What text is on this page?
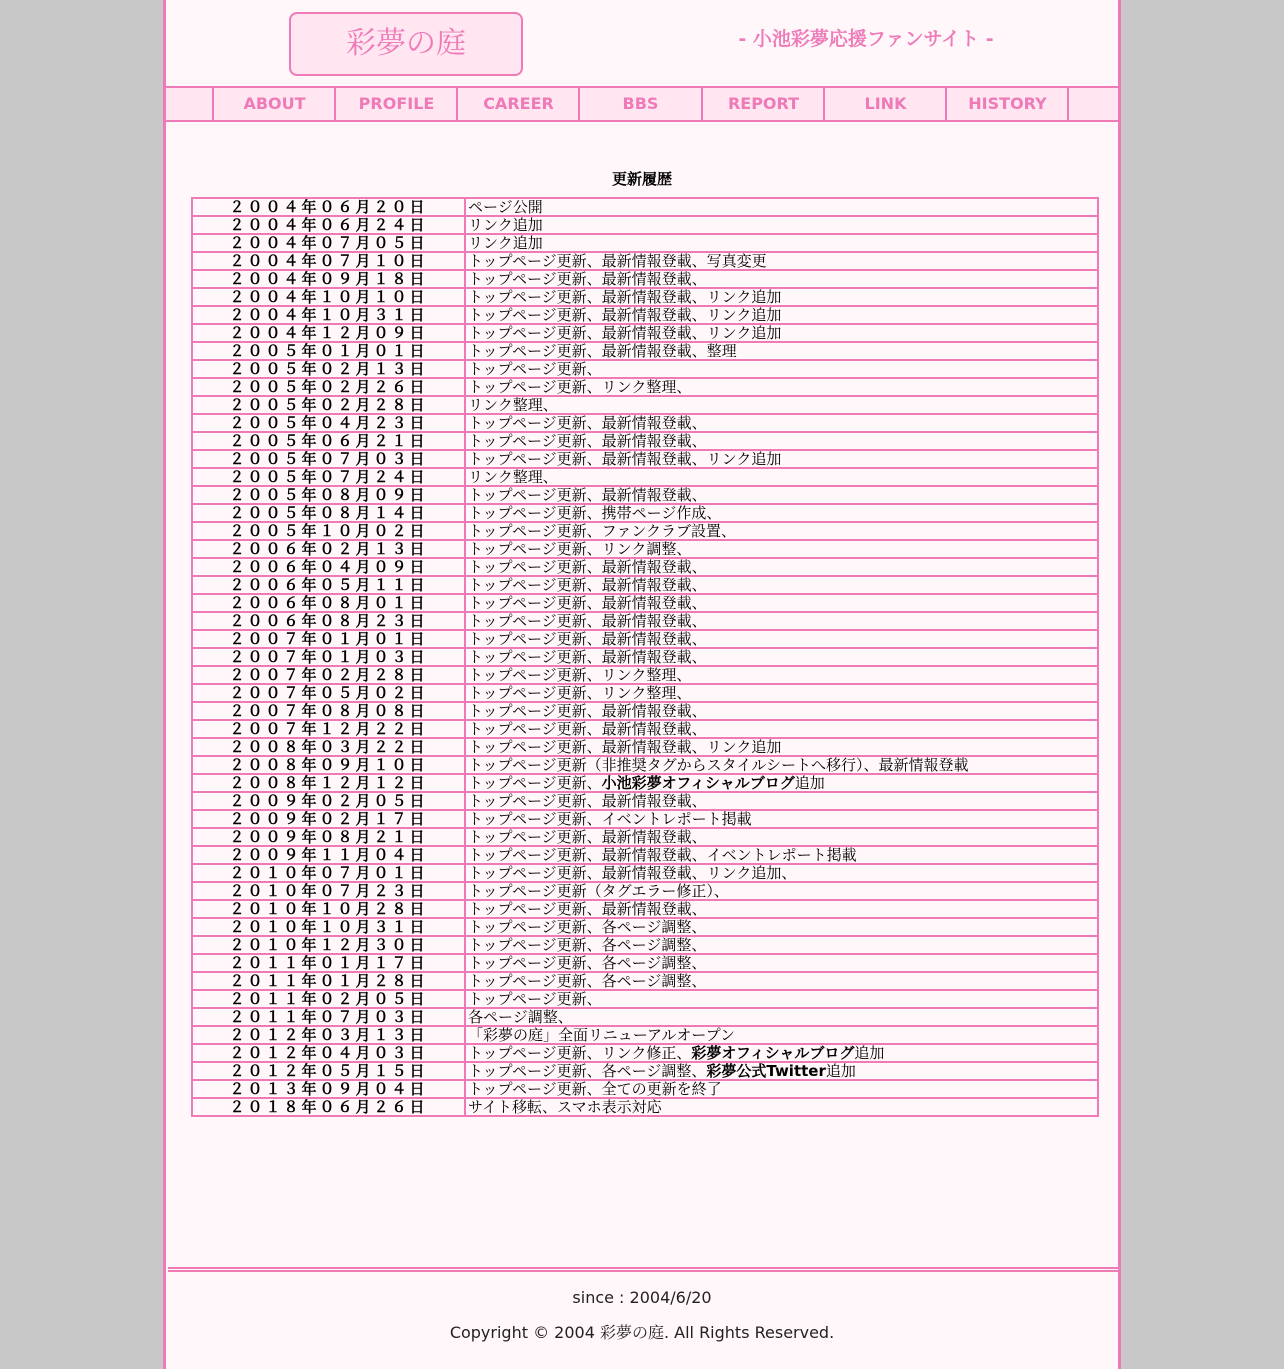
彩夢の庭	- 小池彩夢応援ファンサイト -
ABOUT	PROFILE	CAREER	BBS	REPORT	LINK	HISTORY
更新履歴
２００４年０６月２０日	ページ公開
２００４年０６月２４日	リンク追加
２００４年０７月０５日	リンク追加
２００４年０７月１０日	トップページ更新、最新情報登載、写真変更
２００４年０９月１８日	トップページ更新、最新情報登載、
２００４年１０月１０日	トップページ更新、最新情報登載、リンク追加
２００４年１０月３１日	トップページ更新、最新情報登載、リンク追加
２００４年１２月０９日	トップページ更新、最新情報登載、リンク追加
２００５年０１月０１日	トップページ更新、最新情報登載、整理
２００５年０２月１３日	トップページ更新、
２００５年０２月２６日	トップページ更新、リンク整理、
２００５年０２月２８日	リンク整理、
２００５年０４月２３日	トップページ更新、最新情報登載、
２００５年０６月２１日	トップページ更新、最新情報登載、
２００５年０７月０３日	トップページ更新、最新情報登載、リンク追加
２００５年０７月２４日	リンク整理、
２００５年０８月０９日	トップページ更新、最新情報登載、
２００５年０８月１４日	トップページ更新、携帯ページ作成、
２００５年１０月０２日	トップページ更新、ファンクラブ設置、
２００６年０２月１３日	トップページ更新、リンク調整、
２００６年０４月０９日	トップページ更新、最新情報登載、
２００６年０５月１１日	トップページ更新、最新情報登載、
２００６年０８月０１日	トップページ更新、最新情報登載、
２００６年０８月２３日	トップページ更新、最新情報登載、
２００７年０１月０１日	トップページ更新、最新情報登載、
２００７年０１月０３日	トップページ更新、最新情報登載、
２００７年０２月２８日	トップページ更新、リンク整理、
２００７年０５月０２日	トップページ更新、リンク整理、
２００７年０８月０８日	トップページ更新、最新情報登載、
２００７年１２月２２日	トップページ更新、最新情報登載、
２００８年０３月２２日	トップページ更新、最新情報登載、リンク追加
２００８年０９月１０日	トップページ更新（非推奨タグからスタイルシートへ移行）、最新情報登載
２００８年１２月１２日	トップページ更新、小池彩夢オフィシャルブログ追加
２００９年０２月０５日	トップページ更新、最新情報登載、
２００９年０２月１７日	トップページ更新、イベントレポート掲載
２００９年０８月２１日	トップページ更新、最新情報登載、
２００９年１１月０４日	トップページ更新、最新情報登載、イベントレポート掲載
２０１０年０７月０１日	トップページ更新、最新情報登載、リンク追加、
２０１０年０７月２３日	トップページ更新（タグエラー修正）、
２０１０年１０月２８日	トップページ更新、最新情報登載、
２０１０年１０月３１日	トップページ更新、各ページ調整、
２０１０年１２月３０日	トップページ更新、各ページ調整、
２０１１年０１月１７日	トップページ更新、各ページ調整、
２０１１年０１月２８日	トップページ更新、各ページ調整、
２０１１年０２月０５日	トップページ更新、
２０１１年０７月０３日	各ページ調整、
２０１２年０３月１３日	「彩夢の庭」全面リニューアルオープン
２０１２年０４月０３日	トップページ更新、リンク修正、彩夢オフィシャルブログ追加
２０１２年０５月１５日	トップページ更新、各ページ調整、彩夢公式Twitter追加
２０１３年０９月０４日	トップページ更新、全ての更新を終了
２０１８年０６月２６日	サイト移転、スマホ表示対応
since : 2004/6/20
Copyright © 2004 彩夢の庭. All Rights Reserved.
